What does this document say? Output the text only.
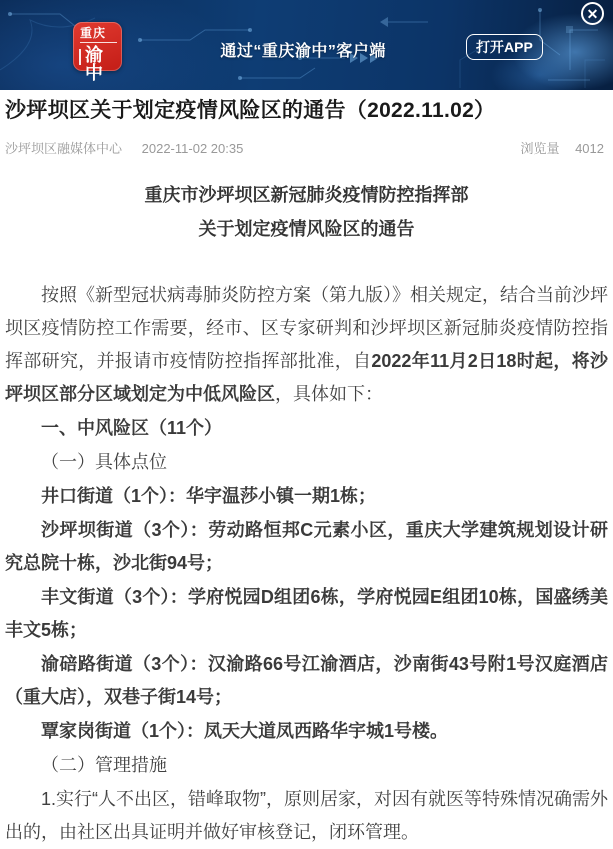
重庆
渝中
通过“重庆渝中”客户端	打开APP
✕
沙坪坝区关于划定疫情风险区的通告（2022.11.02）
沙坪坝区融媒体中心 2022-11-02 20:35	浏览量 4012

重庆市沙坪坝区新冠肺炎疫情防控指挥部

关于划定疫情风险区的通告

按照《新型冠状病毒肺炎防控方案（第九版）》相关规定，结合当前沙坪坝区疫情防控工作需要，经市、区专家研判和沙坪坝区新冠肺炎疫情防控指挥部研究，并报请市疫情防控指挥部批准，自2022年11月2日18时起，将沙坪坝区部分区域划定为中低风险区，具体如下：

一、中风险区（11个）

（一）具体点位

井口街道（1个）：华宇温莎小镇一期1栋；

沙坪坝街道（3个）：劳动路恒邦C元素小区，重庆大学建筑规划设计研究总院十栋，沙北街94号；

丰文街道（3个）：学府悦园D组团6栋，学府悦园E组团10栋，国盛绣美丰文5栋；

渝碚路街道（3个）：汉渝路66号江渝酒店，沙南街43号附1号汉庭酒店（重大店），双巷子街14号；

覃家岗街道（1个）：凤天大道凤西路华宇城1号楼。

（二）管理措施

1.实行“人不出区，错峰取物”，原则居家，对因有就医等特殊情况确需外出的，由社区出具证明并做好审核登记，闭环管理。
